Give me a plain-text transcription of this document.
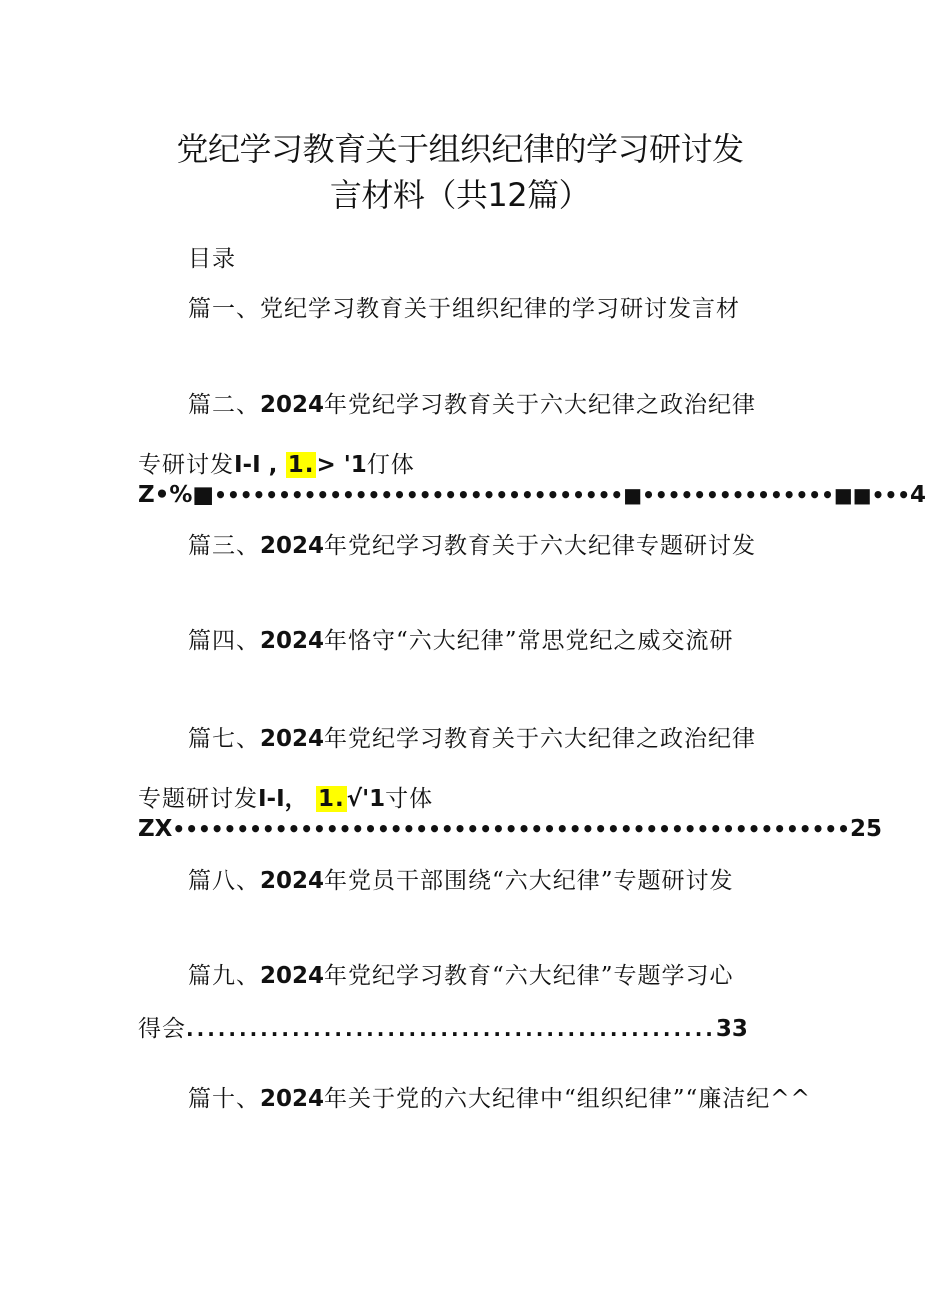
党纪学习教育关于组织纪律的学习研讨发
言材料（共12篇）
目录
篇一、党纪学习教育关于组织纪律的学习研讨发言材
篇二、2024年党纪学习教育关于六大纪律之政治纪律
专研讨发I-I , 1.> '1仃体
Z•%■••••••••••••••••••••••••••••••••■•••••••••••••••■■•••4
篇三、2024年党纪学习教育关于六大纪律专题研讨发
篇四、2024年恪守“六大纪律”常思党纪之威交流研
篇七、2024年党纪学习教育关于六大纪律之政治纪律
专题研讨发I-I， 1.√'1寸体
ZX•••••••••••••••••••••••••••••••••••••••••••••••••••••25
篇八、2024年党员干部围绕“六大纪律”专题研讨发
篇九、2024年党纪学习教育“六大纪律”专题学习心
得会..................................................33
篇十、2024年关于党的六大纪律中“组织纪律”“廉洁纪^^
